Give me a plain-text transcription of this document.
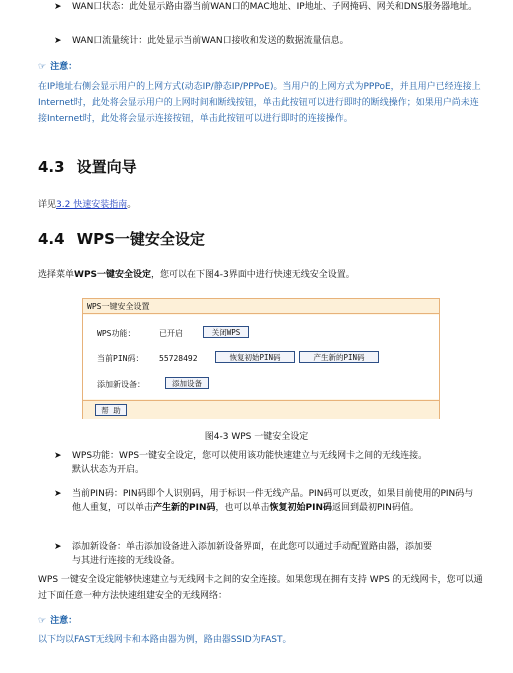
➤ WAN口状态：此处显示路由器当前WAN口的MAC地址、IP地址、子网掩码、网关和DNS服务器地址。
➤ WAN口流量统计：此处显示当前WAN口接收和发送的数据流量信息。
☞ 注意：
在IP地址右侧会显示用户的上网方式(动态IP/静态IP/PPPoE)。当用户的上网方式为PPPoE，并且用户已经连接上Internet时，此处将会显示用户的上网时间和断线按钮，单击此按钮可以进行即时的断线操作；如果用户尚未连接Internet时，此处将会显示连接按钮，单击此按钮可以进行即时的连接操作。
4.3 设置向导
详见3.2 快速安装指南。
4.4 WPS一键安全设定
选择菜单WPS一键安全设定，您可以在下图4-3界面中进行快速无线安全设置。
WPS一键安全设置
WPS功能：	已开启	关闭WPS
当前PIN码： 55728492	恢复初始PIN码	产生新的PIN码
添加新设备：	添加设备
帮 助
图4-3 WPS 一键安全设定
➤ WPS功能：WPS一键安全设定，您可以使用该功能快速建立与无线网卡之间的无线连接。
默认状态为开启。
➤ 当前PIN码：PIN码即个人识别码，用于标识一件无线产品。PIN码可以更改，如果目前使用的PIN码与他人重复，可以单击产生新的PIN码，也可以单击恢复初始PIN码返回到最初PIN码值。
➤ 添加新设备：单击添加设备进入添加新设备界面，在此您可以通过手动配置路由器，添加要
与其进行连接的无线设备。
WPS 一键安全设定能够快速建立与无线网卡之间的安全连接。如果您现在拥有支持 WPS 的无线网卡，您可以通过下面任意一种方法快速组建安全的无线网络：
☞ 注意：
以下均以FAST无线网卡和本路由器为例，路由器SSID为FAST。
